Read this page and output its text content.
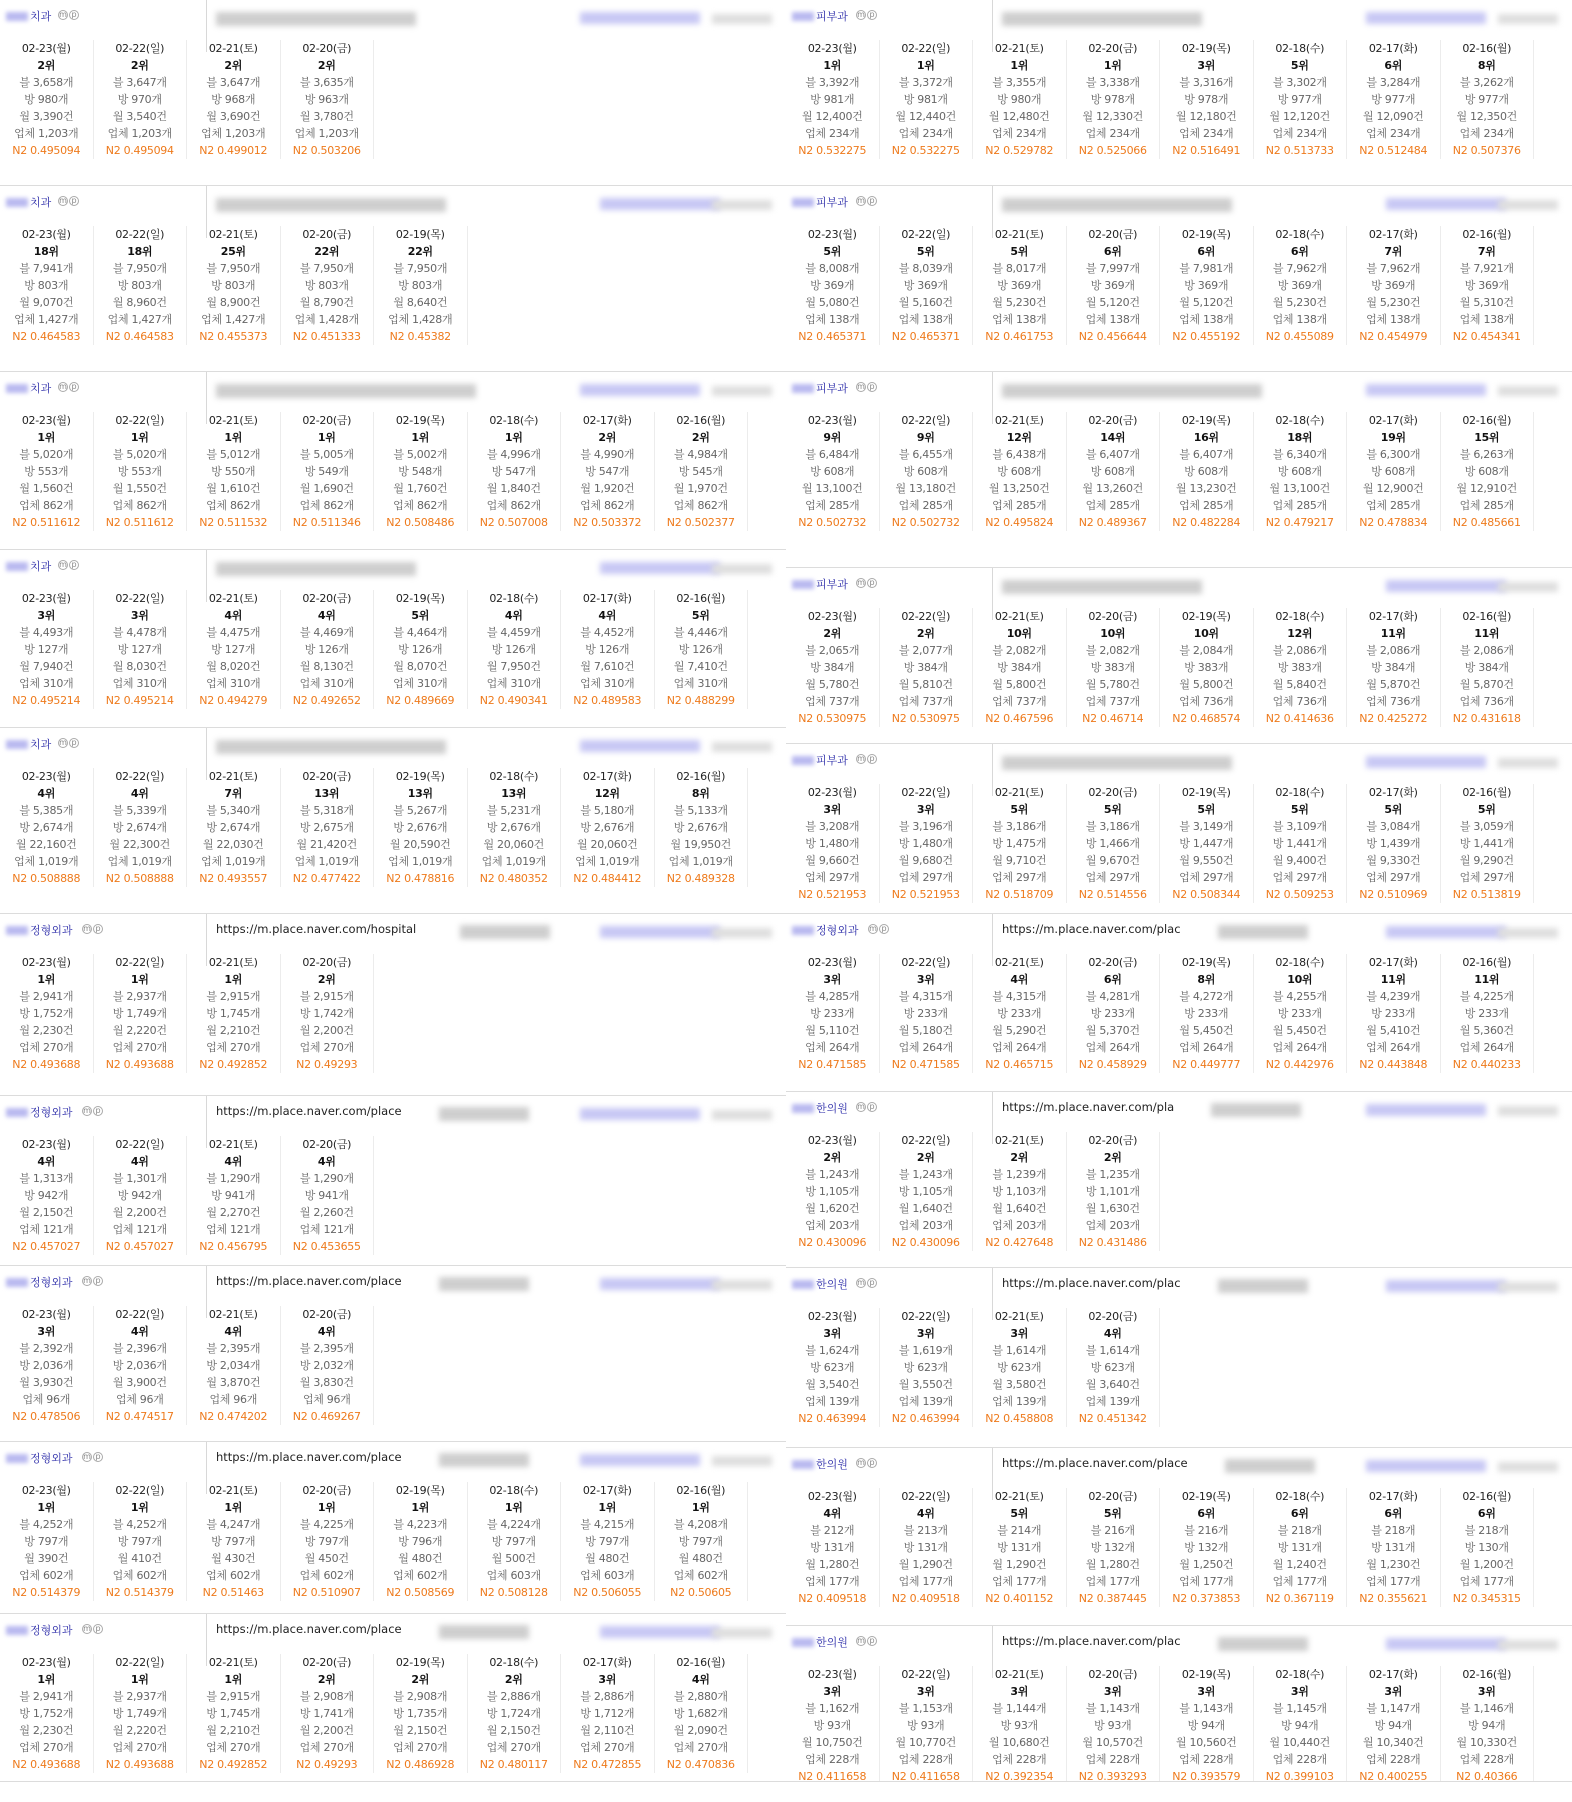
치과 m p
02-23(월)
2위
블 3,658개
방 980개
월 3,390건
업체 1,203개
N2 0.495094
02-22(일)
2위
블 3,647개
방 970개
월 3,540건
업체 1,203개
N2 0.495094
02-21(토)
2위
블 3,647개
방 968개
월 3,690건
업체 1,203개
N2 0.499012
02-20(금)
2위
블 3,635개
방 963개
월 3,780건
업체 1,203개
N2 0.503206
치과 m p
02-23(월)
18위
블 7,941개
방 803개
월 9,070건
업체 1,427개
N2 0.464583
02-22(일)
18위
블 7,950개
방 803개
월 8,960건
업체 1,427개
N2 0.464583
02-21(토)
25위
블 7,950개
방 803개
월 8,900건
업체 1,427개
N2 0.455373
02-20(금)
22위
블 7,950개
방 803개
월 8,790건
업체 1,428개
N2 0.451333
02-19(목)
22위
블 7,950개
방 803개
월 8,640건
업체 1,428개
N2 0.45382
치과 m p
02-23(월)
1위
블 5,020개
방 553개
월 1,560건
업체 862개
N2 0.511612
02-22(일)
1위
블 5,020개
방 553개
월 1,550건
업체 862개
N2 0.511612
02-21(토)
1위
블 5,012개
방 550개
월 1,610건
업체 862개
N2 0.511532
02-20(금)
1위
블 5,005개
방 549개
월 1,690건
업체 862개
N2 0.511346
02-19(목)
1위
블 5,002개
방 548개
월 1,760건
업체 862개
N2 0.508486
02-18(수)
1위
블 4,996개
방 547개
월 1,840건
업체 862개
N2 0.507008
02-17(화)
2위
블 4,990개
방 547개
월 1,920건
업체 862개
N2 0.503372
02-16(월)
2위
블 4,984개
방 545개
월 1,970건
업체 862개
N2 0.502377
치과 m p
02-23(월)
3위
블 4,493개
방 127개
월 7,940건
업체 310개
N2 0.495214
02-22(일)
3위
블 4,478개
방 127개
월 8,030건
업체 310개
N2 0.495214
02-21(토)
4위
블 4,475개
방 127개
월 8,020건
업체 310개
N2 0.494279
02-20(금)
4위
블 4,469개
방 126개
월 8,130건
업체 310개
N2 0.492652
02-19(목)
5위
블 4,464개
방 126개
월 8,070건
업체 310개
N2 0.489669
02-18(수)
4위
블 4,459개
방 126개
월 7,950건
업체 310개
N2 0.490341
02-17(화)
4위
블 4,452개
방 126개
월 7,610건
업체 310개
N2 0.489583
02-16(월)
5위
블 4,446개
방 126개
월 7,410건
업체 310개
N2 0.488299
치과 m p
02-23(월)
4위
블 5,385개
방 2,674개
월 22,160건
업체 1,019개
N2 0.508888
02-22(일)
4위
블 5,339개
방 2,674개
월 22,300건
업체 1,019개
N2 0.508888
02-21(토)
7위
블 5,340개
방 2,674개
월 22,030건
업체 1,019개
N2 0.493557
02-20(금)
13위
블 5,318개
방 2,675개
월 21,420건
업체 1,019개
N2 0.477422
02-19(목)
13위
블 5,267개
방 2,676개
월 20,590건
업체 1,019개
N2 0.478816
02-18(수)
13위
블 5,231개
방 2,676개
월 20,060건
업체 1,019개
N2 0.480352
02-17(화)
12위
블 5,180개
방 2,676개
월 20,060건
업체 1,019개
N2 0.484412
02-16(월)
8위
블 5,133개
방 2,676개
월 19,950건
업체 1,019개
N2 0.489328
정형외과 m p	https://m.place.naver.com/hospital
02-23(월)
1위
블 2,941개
방 1,752개
월 2,230건
업체 270개
N2 0.493688
02-22(일)
1위
블 2,937개
방 1,749개
월 2,220건
업체 270개
N2 0.493688
02-21(토)
1위
블 2,915개
방 1,745개
월 2,210건
업체 270개
N2 0.492852
02-20(금)
2위
블 2,915개
방 1,742개
월 2,200건
업체 270개
N2 0.49293
정형외과 m p	https://m.place.naver.com/place
02-23(월)
4위
블 1,313개
방 942개
월 2,150건
업체 121개
N2 0.457027
02-22(일)
4위
블 1,301개
방 942개
월 2,200건
업체 121개
N2 0.457027
02-21(토)
4위
블 1,290개
방 941개
월 2,270건
업체 121개
N2 0.456795
02-20(금)
4위
블 1,290개
방 941개
월 2,260건
업체 121개
N2 0.453655
정형외과 m p	https://m.place.naver.com/place
02-23(월)
3위
블 2,392개
방 2,036개
월 3,930건
업체 96개
N2 0.478506
02-22(일)
4위
블 2,396개
방 2,036개
월 3,900건
업체 96개
N2 0.474517
02-21(토)
4위
블 2,395개
방 2,034개
월 3,870건
업체 96개
N2 0.474202
02-20(금)
4위
블 2,395개
방 2,032개
월 3,830건
업체 96개
N2 0.469267
정형외과 m p	https://m.place.naver.com/place
02-23(월)
1위
블 4,252개
방 797개
월 390건
업체 602개
N2 0.514379
02-22(일)
1위
블 4,252개
방 797개
월 410건
업체 602개
N2 0.514379
02-21(토)
1위
블 4,247개
방 797개
월 430건
업체 602개
N2 0.51463
02-20(금)
1위
블 4,225개
방 797개
월 450건
업체 602개
N2 0.510907
02-19(목)
1위
블 4,223개
방 796개
월 480건
업체 602개
N2 0.508569
02-18(수)
1위
블 4,224개
방 797개
월 500건
업체 603개
N2 0.508128
02-17(화)
1위
블 4,215개
방 797개
월 480건
업체 603개
N2 0.506055
02-16(월)
1위
블 4,208개
방 797개
월 480건
업체 602개
N2 0.50605
정형외과 m p	https://m.place.naver.com/place
02-23(월)
1위
블 2,941개
방 1,752개
월 2,230건
업체 270개
N2 0.493688
02-22(일)
1위
블 2,937개
방 1,749개
월 2,220건
업체 270개
N2 0.493688
02-21(토)
1위
블 2,915개
방 1,745개
월 2,210건
업체 270개
N2 0.492852
02-20(금)
2위
블 2,908개
방 1,741개
월 2,200건
업체 270개
N2 0.49293
02-19(목)
2위
블 2,908개
방 1,735개
월 2,150건
업체 270개
N2 0.486928
02-18(수)
2위
블 2,886개
방 1,724개
월 2,150건
업체 270개
N2 0.480117
02-17(화)
3위
블 2,886개
방 1,712개
월 2,110건
업체 270개
N2 0.472855
02-16(월)
4위
블 2,880개
방 1,682개
월 2,090건
업체 270개
N2 0.470836
피부과 m p
02-23(월)
1위
블 3,392개
방 981개
월 12,400건
업체 234개
N2 0.532275
02-22(일)
1위
블 3,372개
방 981개
월 12,440건
업체 234개
N2 0.532275
02-21(토)
1위
블 3,355개
방 980개
월 12,480건
업체 234개
N2 0.529782
02-20(금)
1위
블 3,338개
방 978개
월 12,330건
업체 234개
N2 0.525066
02-19(목)
3위
블 3,316개
방 978개
월 12,180건
업체 234개
N2 0.516491
02-18(수)
5위
블 3,302개
방 977개
월 12,120건
업체 234개
N2 0.513733
02-17(화)
6위
블 3,284개
방 977개
월 12,090건
업체 234개
N2 0.512484
02-16(월)
8위
블 3,262개
방 977개
월 12,350건
업체 234개
N2 0.507376
피부과 m p
02-23(월)
5위
블 8,008개
방 369개
월 5,080건
업체 138개
N2 0.465371
02-22(일)
5위
블 8,039개
방 369개
월 5,160건
업체 138개
N2 0.465371
02-21(토)
5위
블 8,017개
방 369개
월 5,230건
업체 138개
N2 0.461753
02-20(금)
6위
블 7,997개
방 369개
월 5,120건
업체 138개
N2 0.456644
02-19(목)
6위
블 7,981개
방 369개
월 5,120건
업체 138개
N2 0.455192
02-18(수)
6위
블 7,962개
방 369개
월 5,230건
업체 138개
N2 0.455089
02-17(화)
7위
블 7,962개
방 369개
월 5,230건
업체 138개
N2 0.454979
02-16(월)
7위
블 7,921개
방 369개
월 5,310건
업체 138개
N2 0.454341
피부과 m p
02-23(월)
9위
블 6,484개
방 608개
월 13,100건
업체 285개
N2 0.502732
02-22(일)
9위
블 6,455개
방 608개
월 13,180건
업체 285개
N2 0.502732
02-21(토)
12위
블 6,438개
방 608개
월 13,250건
업체 285개
N2 0.495824
02-20(금)
14위
블 6,407개
방 608개
월 13,260건
업체 285개
N2 0.489367
02-19(목)
16위
블 6,407개
방 608개
월 13,230건
업체 285개
N2 0.482284
02-18(수)
18위
블 6,340개
방 608개
월 13,100건
업체 285개
N2 0.479217
02-17(화)
19위
블 6,300개
방 608개
월 12,900건
업체 285개
N2 0.478834
02-16(월)
15위
블 6,263개
방 608개
월 12,910건
업체 285개
N2 0.485661
피부과 m p
02-23(월)
2위
블 2,065개
방 384개
월 5,780건
업체 737개
N2 0.530975
02-22(일)
2위
블 2,077개
방 384개
월 5,810건
업체 737개
N2 0.530975
02-21(토)
10위
블 2,082개
방 384개
월 5,800건
업체 737개
N2 0.467596
02-20(금)
10위
블 2,082개
방 383개
월 5,780건
업체 737개
N2 0.46714
02-19(목)
10위
블 2,084개
방 383개
월 5,800건
업체 736개
N2 0.468574
02-18(수)
12위
블 2,086개
방 383개
월 5,840건
업체 736개
N2 0.414636
02-17(화)
11위
블 2,086개
방 384개
월 5,870건
업체 736개
N2 0.425272
02-16(월)
11위
블 2,086개
방 384개
월 5,870건
업체 736개
N2 0.431618
피부과 m p
02-23(월)
3위
블 3,208개
방 1,480개
월 9,660건
업체 297개
N2 0.521953
02-22(일)
3위
블 3,196개
방 1,480개
월 9,680건
업체 297개
N2 0.521953
02-21(토)
5위
블 3,186개
방 1,475개
월 9,710건
업체 297개
N2 0.518709
02-20(금)
5위
블 3,186개
방 1,466개
월 9,670건
업체 297개
N2 0.514556
02-19(목)
5위
블 3,149개
방 1,447개
월 9,550건
업체 297개
N2 0.508344
02-18(수)
5위
블 3,109개
방 1,441개
월 9,400건
업체 297개
N2 0.509253
02-17(화)
5위
블 3,084개
방 1,439개
월 9,330건
업체 297개
N2 0.510969
02-16(월)
5위
블 3,059개
방 1,441개
월 9,290건
업체 297개
N2 0.513819
정형외과 m p	https://m.place.naver.com/plac
02-23(월)
3위
블 4,285개
방 233개
월 5,110건
업체 264개
N2 0.471585
02-22(일)
3위
블 4,315개
방 233개
월 5,180건
업체 264개
N2 0.471585
02-21(토)
4위
블 4,315개
방 233개
월 5,290건
업체 264개
N2 0.465715
02-20(금)
6위
블 4,281개
방 233개
월 5,370건
업체 264개
N2 0.458929
02-19(목)
8위
블 4,272개
방 233개
월 5,450건
업체 264개
N2 0.449777
02-18(수)
10위
블 4,255개
방 233개
월 5,450건
업체 264개
N2 0.442976
02-17(화)
11위
블 4,239개
방 233개
월 5,410건
업체 264개
N2 0.443848
02-16(월)
11위
블 4,225개
방 233개
월 5,360건
업체 264개
N2 0.440233
한의원 m p	https://m.place.naver.com/pla
02-23(월)
2위
블 1,243개
방 1,105개
월 1,620건
업체 203개
N2 0.430096
02-22(일)
2위
블 1,243개
방 1,105개
월 1,640건
업체 203개
N2 0.430096
02-21(토)
2위
블 1,239개
방 1,103개
월 1,640건
업체 203개
N2 0.427648
02-20(금)
2위
블 1,235개
방 1,101개
월 1,630건
업체 203개
N2 0.431486
한의원 m p	https://m.place.naver.com/plac
02-23(월)
3위
블 1,624개
방 623개
월 3,540건
업체 139개
N2 0.463994
02-22(일)
3위
블 1,619개
방 623개
월 3,550건
업체 139개
N2 0.463994
02-21(토)
3위
블 1,614개
방 623개
월 3,580건
업체 139개
N2 0.458808
02-20(금)
4위
블 1,614개
방 623개
월 3,640건
업체 139개
N2 0.451342
한의원 m p	https://m.place.naver.com/place
02-23(월)
4위
블 212개
방 131개
월 1,280건
업체 177개
N2 0.409518
02-22(일)
4위
블 213개
방 131개
월 1,290건
업체 177개
N2 0.409518
02-21(토)
5위
블 214개
방 131개
월 1,290건
업체 177개
N2 0.401152
02-20(금)
5위
블 216개
방 132개
월 1,280건
업체 177개
N2 0.387445
02-19(목)
6위
블 216개
방 132개
월 1,250건
업체 177개
N2 0.373853
02-18(수)
6위
블 218개
방 131개
월 1,240건
업체 177개
N2 0.367119
02-17(화)
6위
블 218개
방 131개
월 1,230건
업체 177개
N2 0.355621
02-16(월)
6위
블 218개
방 130개
월 1,200건
업체 177개
N2 0.345315
한의원 m p	https://m.place.naver.com/plac
02-23(월)
3위
블 1,162개
방 93개
월 10,750건
업체 228개
N2 0.411658
02-22(일)
3위
블 1,153개
방 93개
월 10,770건
업체 228개
N2 0.411658
02-21(토)
3위
블 1,144개
방 93개
월 10,680건
업체 228개
N2 0.392354
02-20(금)
3위
블 1,143개
방 93개
월 10,570건
업체 228개
N2 0.393293
02-19(목)
3위
블 1,143개
방 94개
월 10,560건
업체 228개
N2 0.393579
02-18(수)
3위
블 1,145개
방 94개
월 10,440건
업체 228개
N2 0.399103
02-17(화)
3위
블 1,147개
방 94개
월 10,340건
업체 228개
N2 0.400255
02-16(월)
3위
블 1,146개
방 94개
월 10,330건
업체 228개
N2 0.40366
